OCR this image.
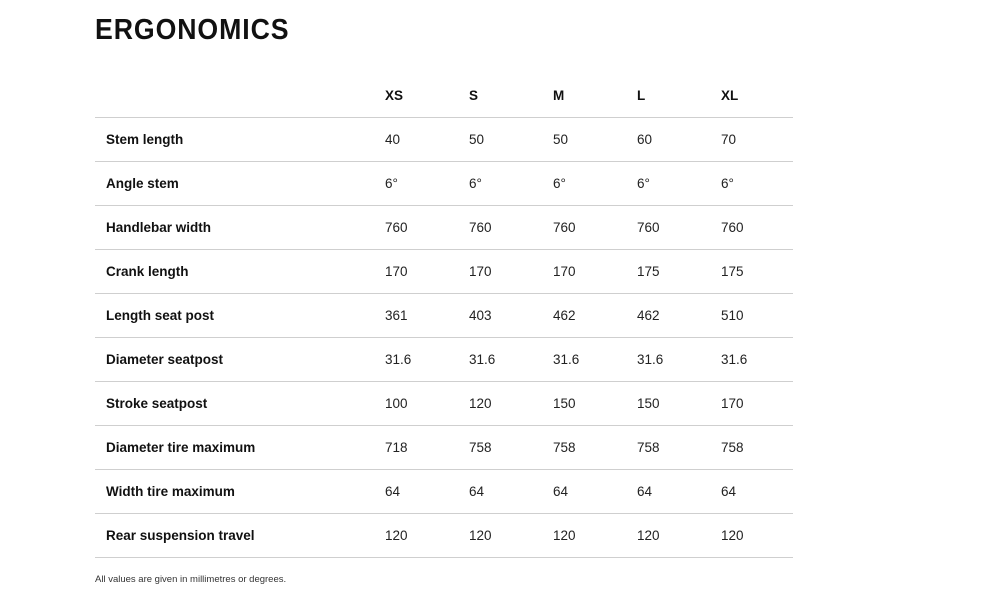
ERGONOMICS
	XS	S	M	L	XL
Stem length	40	50	50	60	70
Angle stem	6°	6°	6°	6°	6°
Handlebar width	760	760	760	760	760
Crank length	170	170	170	175	175
Length seat post	361	403	462	462	510
Diameter seatpost	31.6	31.6	31.6	31.6	31.6
Stroke seatpost	100	120	150	150	170
Diameter tire maximum	718	758	758	758	758
Width tire maximum	64	64	64	64	64
Rear suspension travel	120	120	120	120	120

All values are given in millimetres or degrees.
